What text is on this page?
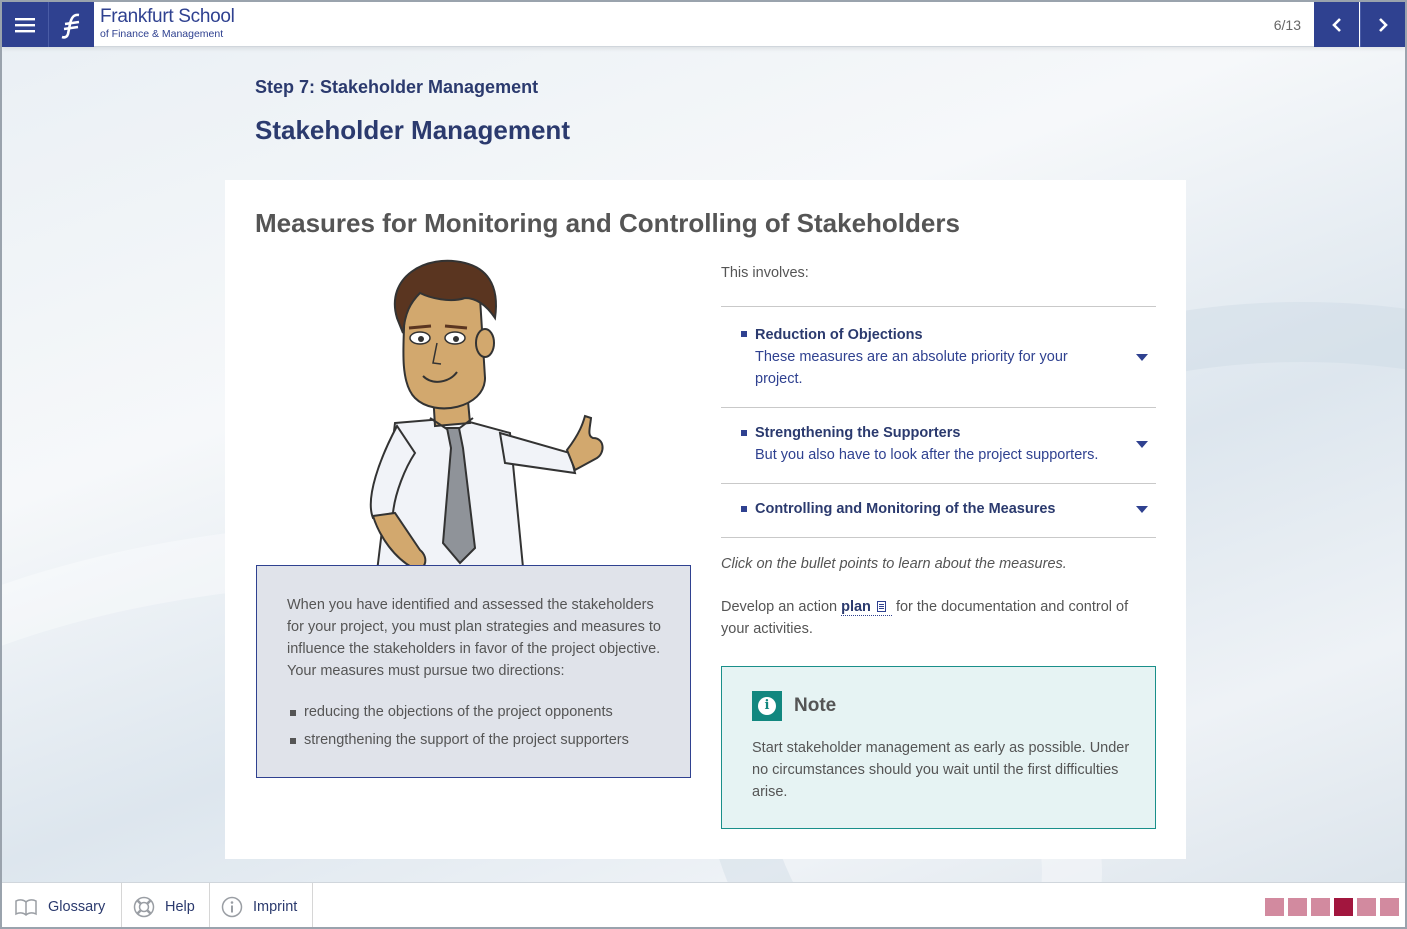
Frankfurt School
of Finance & Management
6/13
Step 7: Stakeholder Management
Stakeholder Management
Measures for Monitoring and Controlling of Stakeholders
When you have identified and assessed the stakeholders for your project, you must plan strategies and measures to influence the stakeholders in favor of the project objective. Your measures must pursue two directions:
reducing the objections of the project opponents
strengthening the support of the project supporters
This involves:
Reduction of Objections
These measures are an absolute priority for your project.
Strengthening the Supporters
But you also have to look after the project supporters.
Controlling and Monitoring of the Measures
Click on the bullet points to learn about the measures.
Develop an action plan for the documentation and control of your activities.
i	Note
Start stakeholder management as early as possible. Under no circumstances should you wait until the first difficulties arise.
Glossary	Help	Imprint
